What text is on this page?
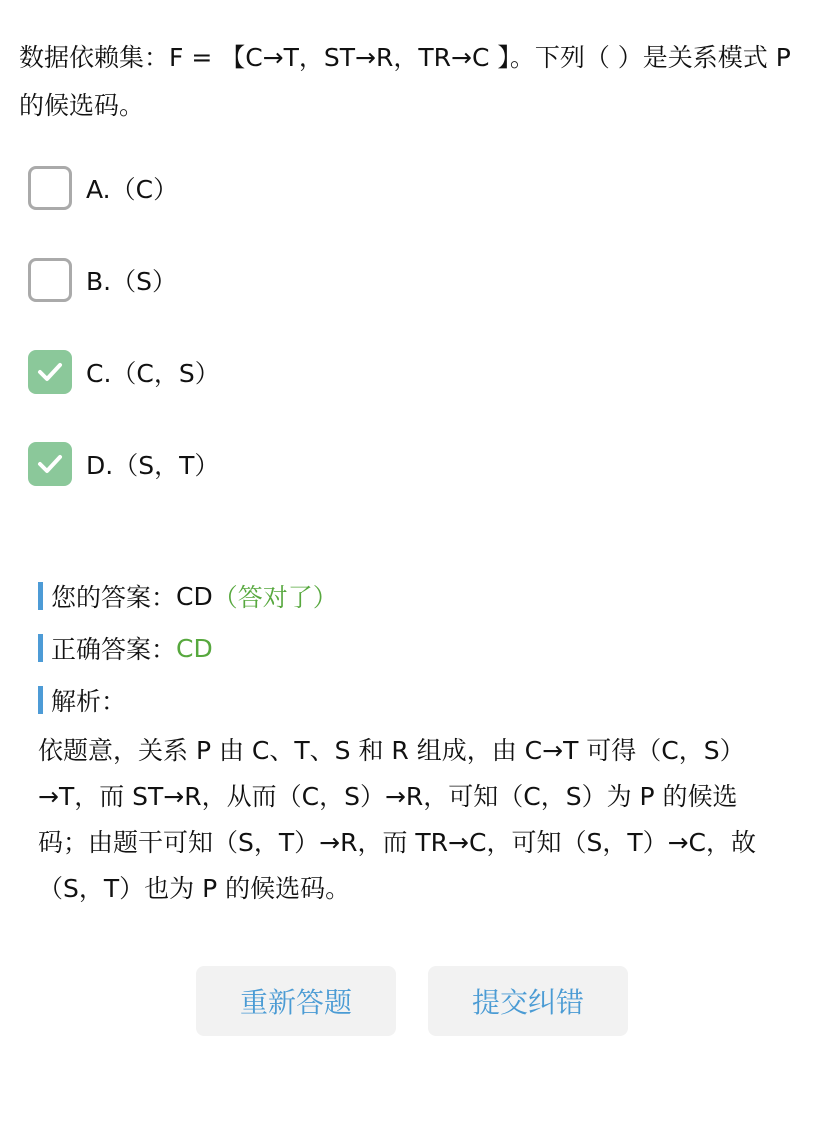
数据依赖集：F = 【C→T，ST→R，TR→C 】。下列（ ）是关系模式 P 的候选码。
A.（C）
B.（S）
C.（C，S）
D.（S，T）
您的答案： CD （答对了）
正确答案： CD
解析：
依题意，关系 P 由 C、T、S 和 R 组成，由 C→T 可得（C，S）→T，而 ST→R，从而（C，S）→R，可知（C，S）为 P 的候选码；由题干可知（S，T）→R，而 TR→C，可知（S，T）→C，故（S，T）也为 P 的候选码。
重新答题	提交纠错
